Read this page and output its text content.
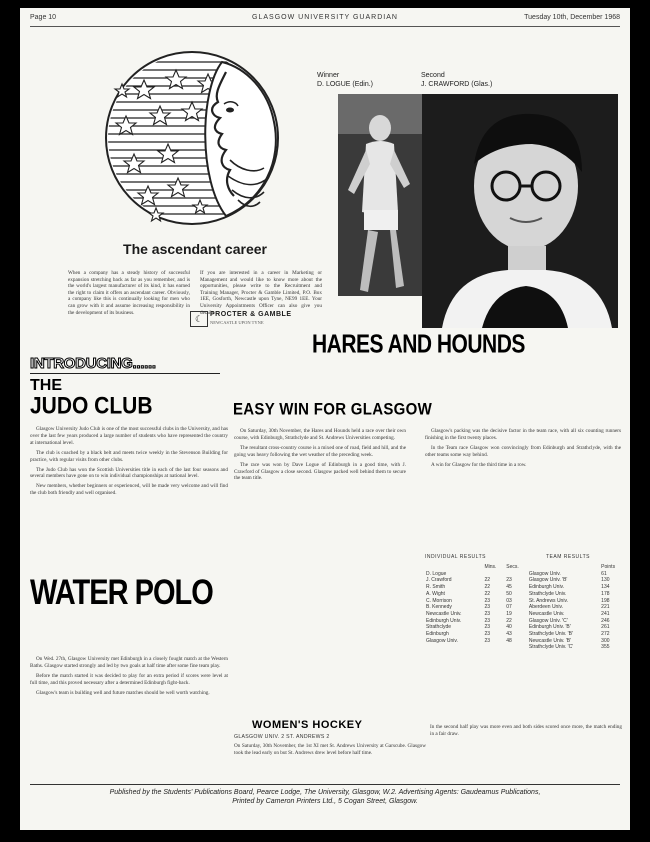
Page 10	GLASGOW UNIVERSITY GUARDIAN	Tuesday 10th, December 1968
The ascendant career
When a company has a steady history of successful expansion stretching back as far as you remember, and is the world's largest manufacturer of its kind, it has earned the right to claim it offers an ascendant career. Obviously, a company like this is continually looking for men who can grow with it and assume increasing responsibility in the development of its business.
If you are interested in a career in Marketing or Management and would like to know more about the opportunities, please write to the Recruitment and Training Manager, Procter & Gamble Limited, P.O. Box 1EE, Gosforth, Newcastle upon Tyne, NE99 1EE. Your University Appointments Officer can also give you details.
☾ PROCTER & GAMBLE
NEWCASTLE UPON TYNE
Winner
D. LOGUE (Edin.)
Second
J. CRAWFORD (Glas.)
HARES AND HOUNDS
INTRODUCING......
THE
JUDO CLUB

Glasgow University Judo Club is one of the most successful clubs in the University, and has over the last few years produced a large number of students who have represented the country at international level.

The club is coached by a black belt and meets twice weekly in the Stevenson Building for practice, with regular visits from other clubs.

The Judo Club has won the Scottish Universities title in each of the last four seasons and several members have gone on to win individual championships at national level.

New members, whether beginners or experienced, will be made very welcome and will find the club both friendly and well organised.

WATER POLO

On Wed. 27th, Glasgow University met Edinburgh in a closely fought match at the Western Baths. Glasgow started strongly and led by two goals at half time after some fine team play.

Before the match started it was decided to play for an extra period if scores were level at full time, and this proved necessary after a determined Edinburgh fight-back.

Glasgow's team is building well and future matches should be well worth watching.

EASY WIN FOR GLASGOW

On Saturday, 30th November, the Hares and Hounds held a race over their own course, with Edinburgh, Strathclyde and St. Andrews Universities competing.

The resultant cross-country course is a mixed one of road, field and hill, and the going was heavy following the wet weather of the preceding week.

The race was won by Dave Logue of Edinburgh in a good time, with J. Crawford of Glasgow a close second. Glasgow packed well behind them to secure the team title.

Glasgow's packing was the decisive factor in the team race, with all six counting runners finishing in the first twenty places.

In the Team race Glasgow won convincingly from Edinburgh and Strathclyde, with the other teams some way behind.

A win for Glasgow for the third time in a row.

INDIVIDUAL RESULTS	TEAM RESULTS
	Mins.	Secs.		Points
D. Logue			Glasgow Univ.	61
J. Crawford	22	23	Glasgow Univ. 'B'	130
R. Smith	22	45	Edinburgh Univ.	134
A. Wight	22	50	Strathclyde Univ.	178
C. Morrison	23	03	St. Andrews Univ.	198
B. Kennedy	23	07	Aberdeen Univ.	221
Newcastle Univ.	23	19	Newcastle Univ.	241
Edinburgh Univ.	23	22	Glasgow Univ. 'C'	246
Strathclyde	23	40	Edinburgh Univ. 'B'	261
Edinburgh	23	43	Strathclyde Univ. 'B'	272
Glasgow Univ.	23	48	Newcastle Univ. 'B'	300
			Strathclyde Univ. 'C'	355
WOMEN'S HOCKEY
GLASGOW UNIV. 2 ST. ANDREWS 2
On Saturday, 30th November, the 1st XI met St. Andrews University at Garscube. Glasgow took the lead early on but St. Andrews drew level before half time.
In the second half play was more even and both sides scored once more, the match ending in a fair draw.
Published by the Students' Publications Board, Pearce Lodge, The University, Glasgow, W.2. Advertising Agents: Gaudeamus Publications,
Printed by Cameron Printers Ltd., 5 Cogan Street, Glasgow.
